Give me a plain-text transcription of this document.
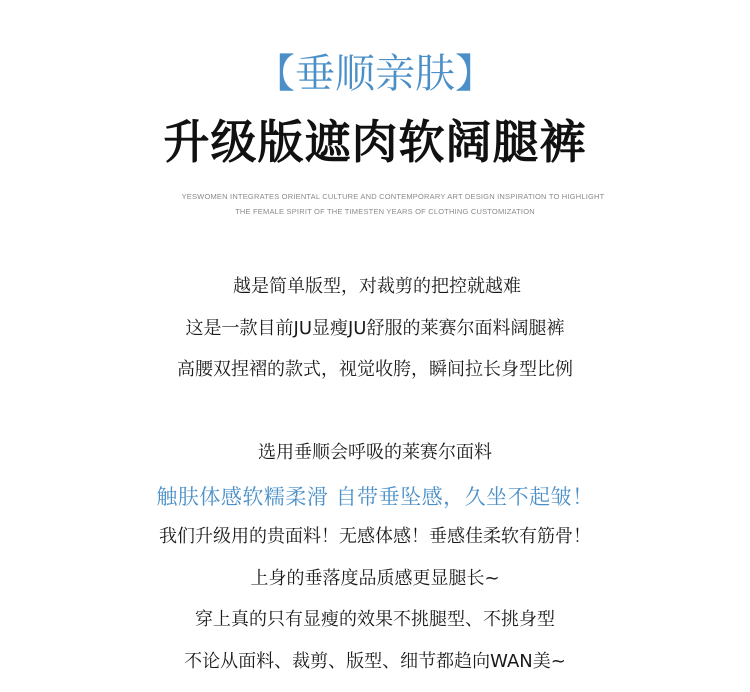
【垂顺亲肤】
升级版遮肉软阔腿裤
YESWOMEN INTEGRATES ORIENTAL CULTURE AND CONTEMPORARY ART DESIGN INSPIRATION TO HIGHLIGHT
THE FEMALE SPIRIT OF THE TIMESTEN YEARS OF CLOTHING CUSTOMIZATION
越是简单版型，对裁剪的把控就越难
这是一款目前JU显瘦JU舒服的莱赛尔面料阔腿裤
高腰双捏褶的款式，视觉收胯，瞬间拉长身型比例
选用垂顺会呼吸的莱赛尔面料
触肤体感软糯柔滑 自带垂坠感，久坐不起皱！
我们升级用的贵面料！无感体感！垂感佳柔软有筋骨！
上身的垂落度品质感更显腿长~
穿上真的只有显瘦的效果不挑腿型、不挑身型
不论从面料、裁剪、版型、细节都趋向WAN美~
